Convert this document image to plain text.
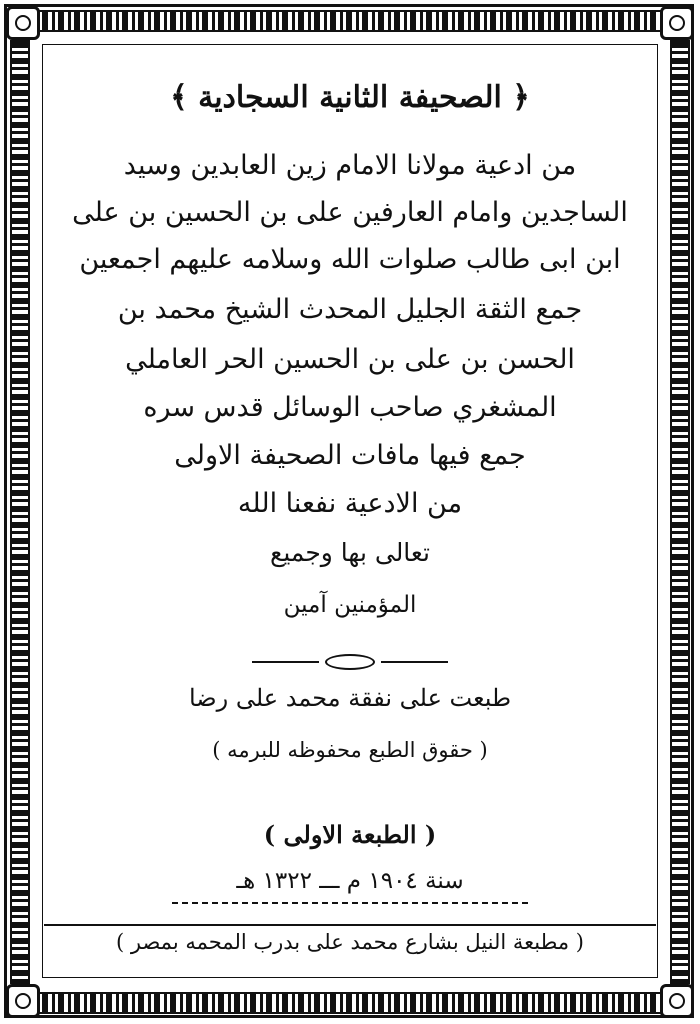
﴿ الصحيفة الثانية السجادية ﴾
من ادعية مولانا الامام زين العابدين وسيد
الساجدين وامام العارفين على بن الحسين بن على
ابن ابى طالب صلوات الله وسلامه عليهم اجمعين
جمع الثقة الجليل المحدث الشيخ محمد بن
الحسن بن على بن الحسين الحر العاملي
المشغري صاحب الوسائل قدس سره
جمع فيها مافات الصحيفة الاولى
من الادعية نفعنا الله
تعالى بها وجميع
المؤمنين آمين
طبعت على نفقة محمد على رضا
( حقوق الطبع محفوظه للبرمه )
( الطبعة الاولى )
سنة ١٩٠٤ م ـــ ١٣٢٢ هـ
( مطبعة النيل بشارع محمد على بدرب المحمه بمصر )
